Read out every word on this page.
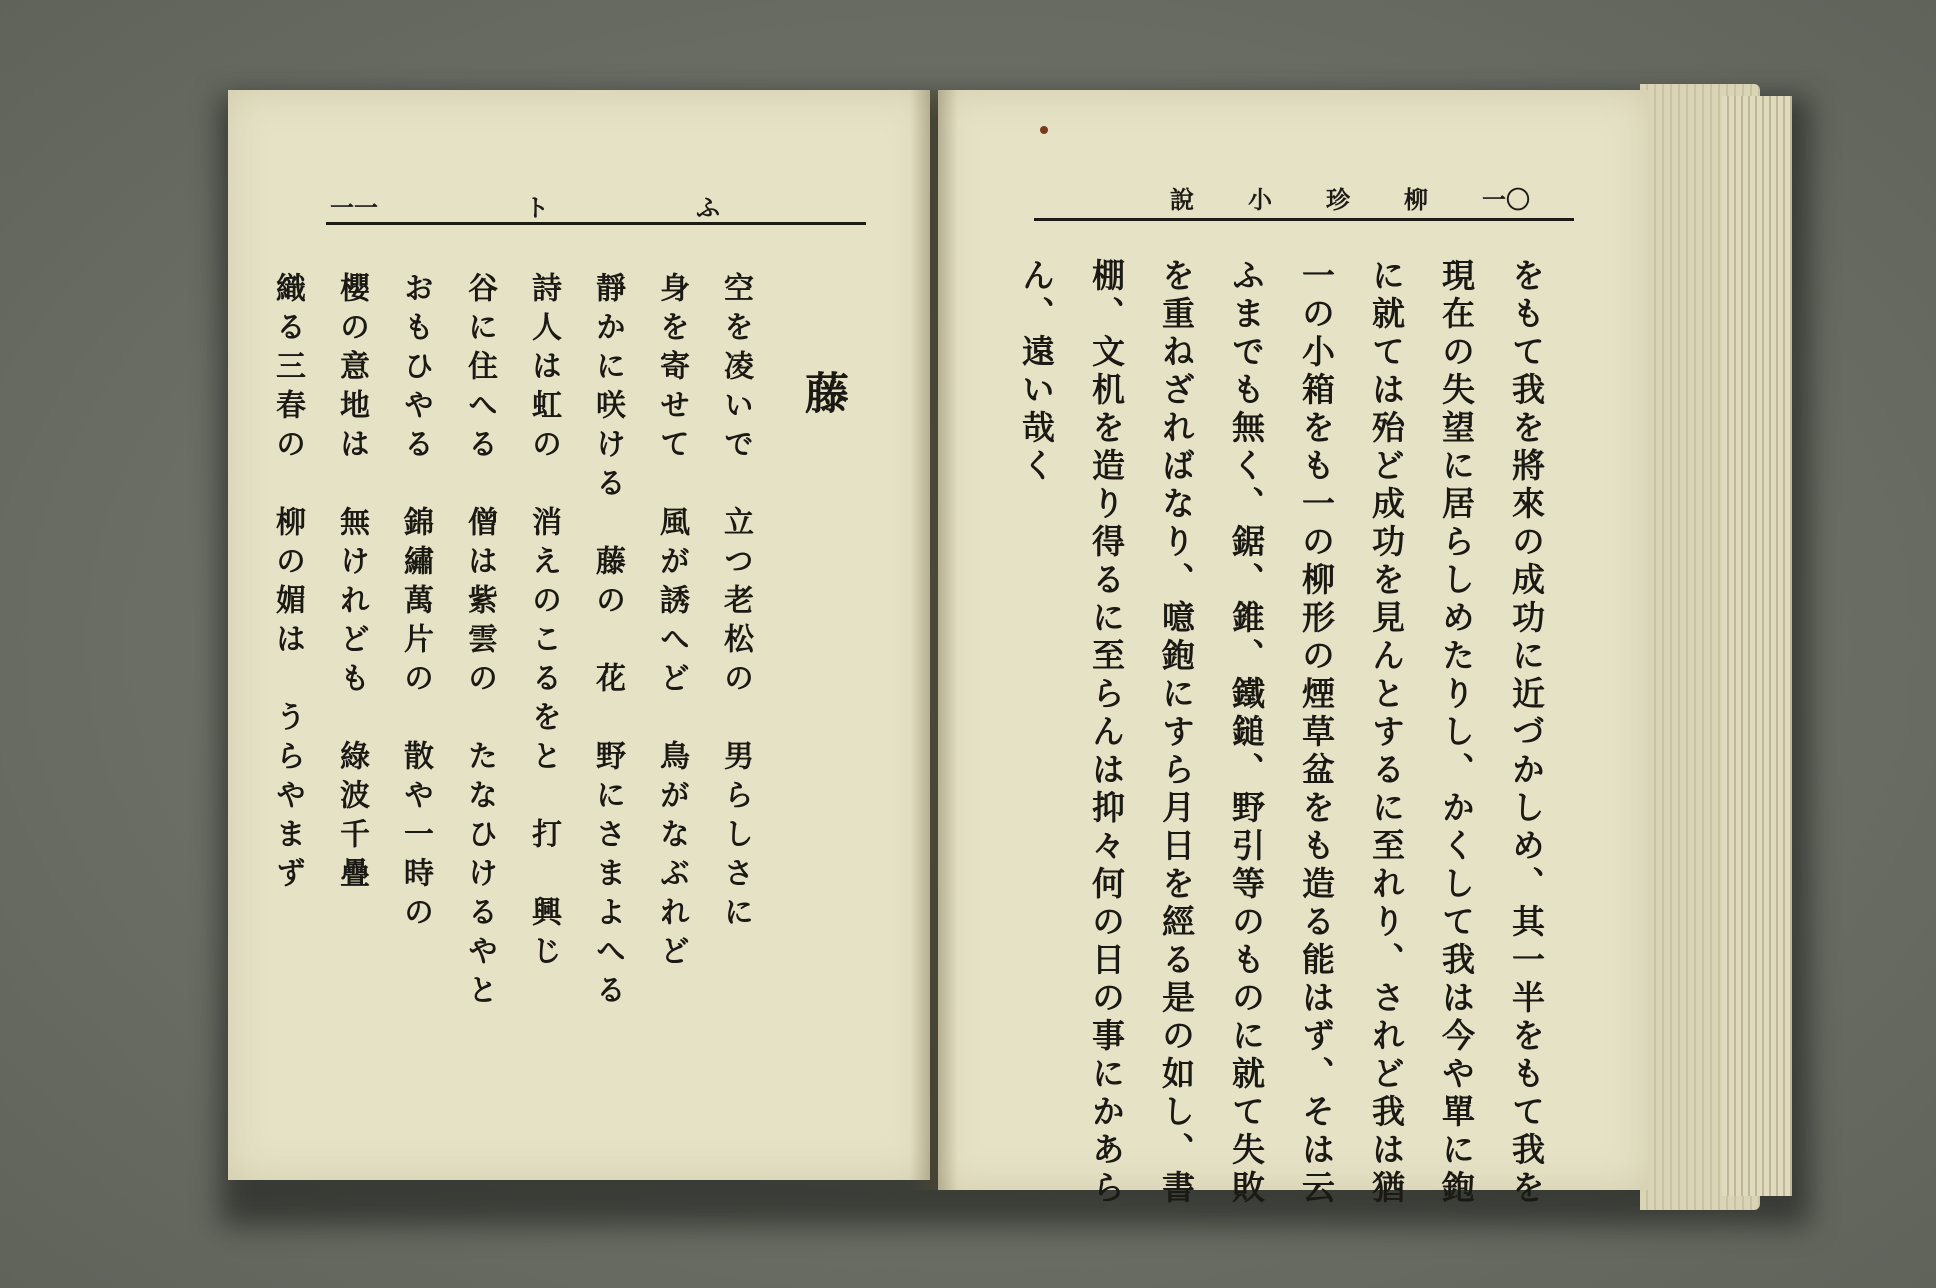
一一	ト	ふ
藤
空を凌いで　立つ老松の　男らしさに
身を寄せて　風が誘へど　鳥がなぶれど
靜かに咲ける　藤の　花　野にさまよへる
詩人は虹の　消えのこるをと　打　興じ
谷に住へる　僧は紫雲の　たなひけるやと
おもひやる　錦繡萬片の　散や一時の
說 小 珍 柳 一〇
をもて我を將來の成功に近づかしめ、其一半をもて我を
現在の失望に居らしめたりし、かくして我は今や單に鉋
に就ては殆ど成功を見んとするに至れり、されど我は猶
一の小箱をも一の柳形の煙草盆をも造る能はず、そは云
ふまでも無く、鋸、錐、鐵鎚、野引等のものに就て失敗
を重ねざればなり、噫鉋にすら月日を經る是の如し、書
棚、文机を造り得るに至らんは抑々何の日の事にかあら
ん、遠い哉く
櫻の意地は　無けれども　綠波千疊
織る三春の　柳の媚は　うらやまず
